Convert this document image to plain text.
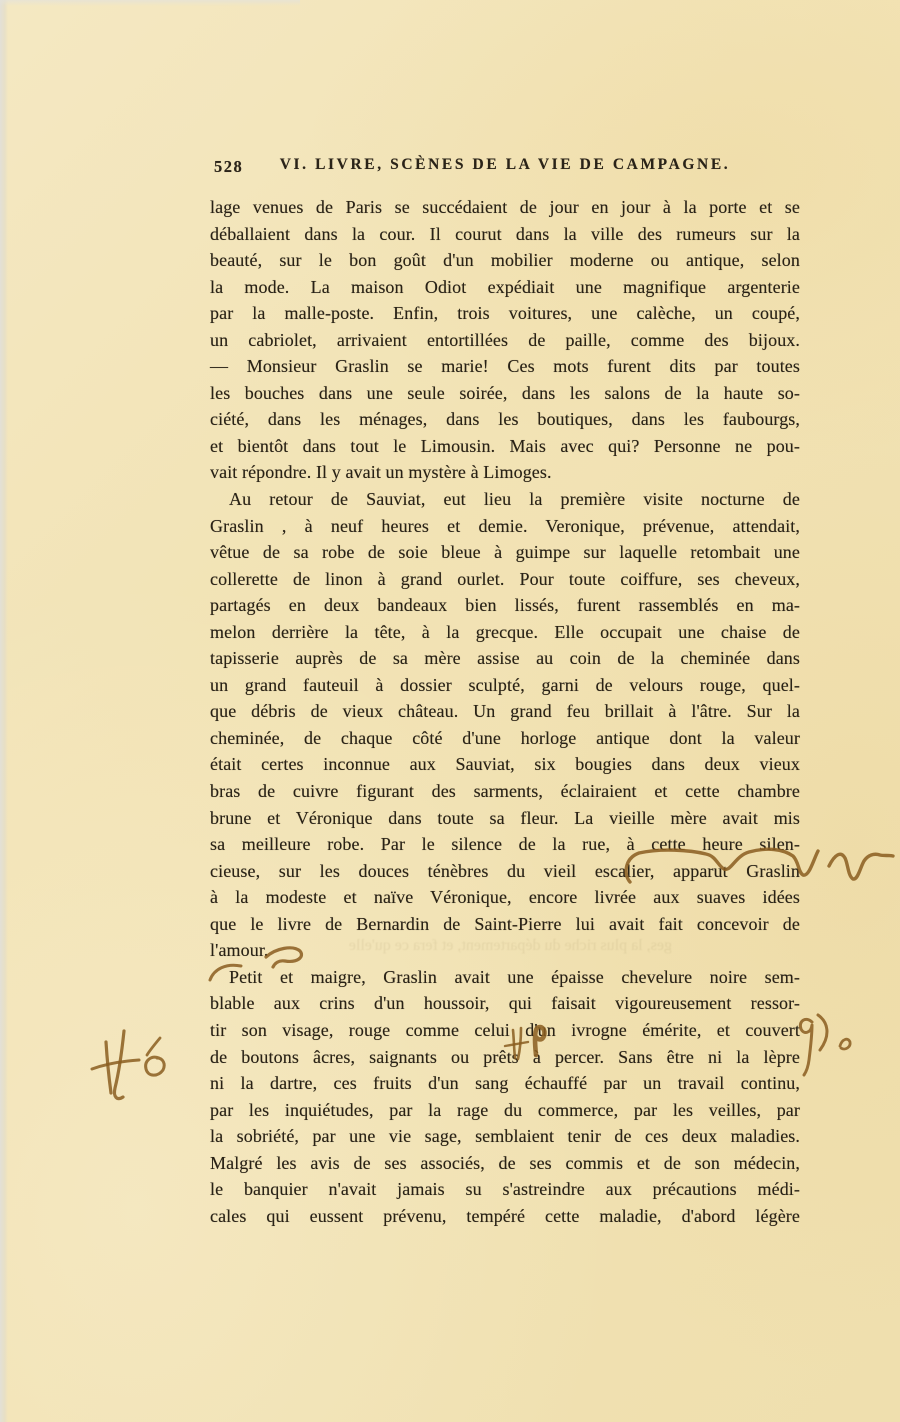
ges, la plus riche du département, et fera ce qu'elle
528 VI. LIVRE, SCÈNES DE LA VIE DE CAMPAGNE.
lage venues de Paris se succédaient de jour en jour à la porte et se
déballaient dans la cour. Il courut dans la ville des rumeurs sur la
beauté, sur le bon goût d'un mobilier moderne ou antique, selon
la mode. La maison Odiot expédiait une magnifique argenterie
par la malle-poste. Enfin, trois voitures, une calèche, un coupé,
un cabriolet, arrivaient entortillées de paille, comme des bijoux.
— Monsieur Graslin se marie! Ces mots furent dits par toutes
les bouches dans une seule soirée, dans les salons de la haute so-
ciété, dans les ménages, dans les boutiques, dans les faubourgs,
et bientôt dans tout le Limousin. Mais avec qui? Personne ne pou-
vait répondre. Il y avait un mystère à Limoges.
Au retour de Sauviat, eut lieu la première visite nocturne de
Graslin , à neuf heures et demie. Veronique, prévenue, attendait,
vêtue de sa robe de soie bleue à guimpe sur laquelle retombait une
collerette de linon à grand ourlet. Pour toute coiffure, ses cheveux,
partagés en deux bandeaux bien lissés, furent rassemblés en ma-
melon derrière la tête, à la grecque. Elle occupait une chaise de
tapisserie auprès de sa mère assise au coin de la cheminée dans
un grand fauteuil à dossier sculpté, garni de velours rouge, quel-
que débris de vieux château. Un grand feu brillait à l'âtre. Sur la
cheminée, de chaque côté d'une horloge antique dont la valeur
était certes inconnue aux Sauviat, six bougies dans deux vieux
bras de cuivre figurant des sarments, éclairaient et cette chambre
brune et Véronique dans toute sa fleur. La vieille mère avait mis
sa meilleure robe. Par le silence de la rue, à cette heure silen-
cieuse, sur les douces ténèbres du vieil escalier, apparut Graslin
à la modeste et naïve Véronique, encore livrée aux suaves idées
que le livre de Bernardin de Saint-Pierre lui avait fait concevoir de
l'amour.
Petit et maigre, Graslin avait une épaisse chevelure noire sem-
blable aux crins d'un houssoir, qui faisait vigoureusement ressor-
tir son visage, rouge comme celui d'un ivrogne émérite, et couvert
de boutons âcres, saignants ou prêts à percer. Sans être ni la lèpre
ni la dartre, ces fruits d'un sang échauffé par un travail continu,
par les inquiétudes, par la rage du commerce, par les veilles, par
la sobriété, par une vie sage, semblaient tenir de ces deux maladies.
Malgré les avis de ses associés, de ses commis et de son médecin,
le banquier n'avait jamais su s'astreindre aux précautions médi-
cales qui eussent prévenu, tempéré cette maladie, d'abord légère
